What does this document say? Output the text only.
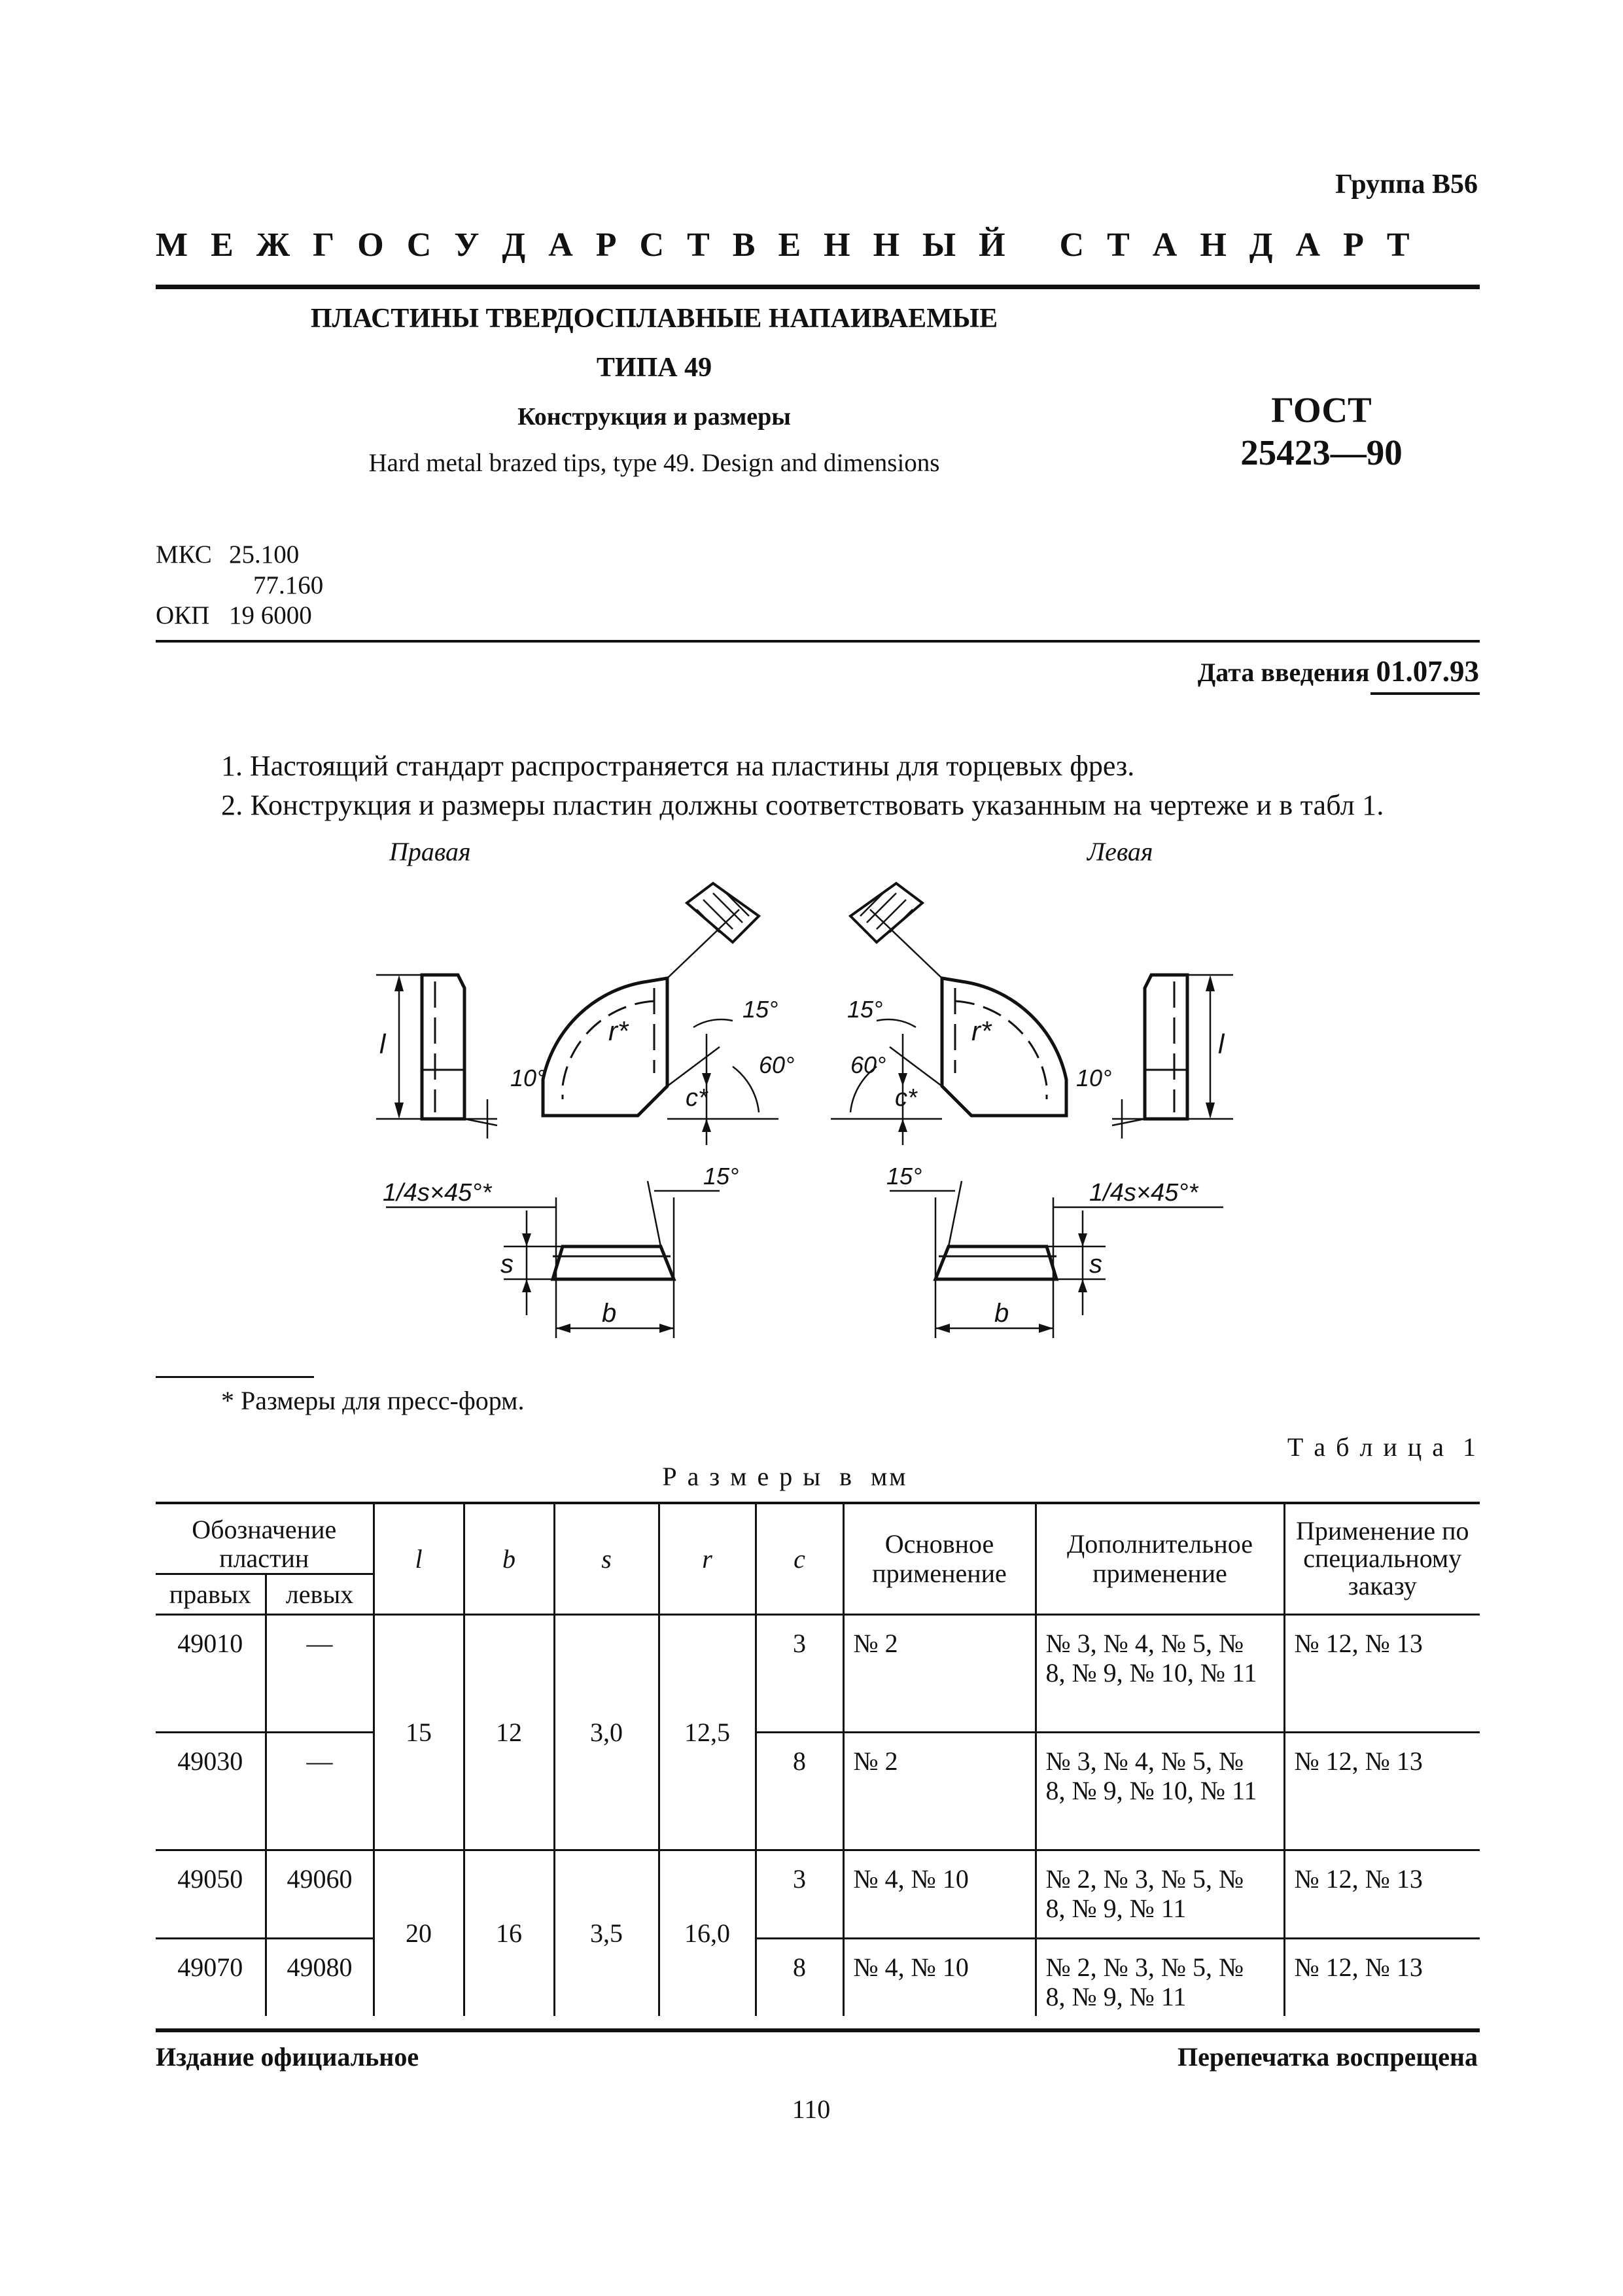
Группа В56
М Е Ж Г О С У Д А Р С Т В Е Н Н Ы Й   С Т А Н Д А Р Т
ПЛАСТИНЫ ТВЕРДОСПЛАВНЫЕ НАПАИВАЕМЫЕ
ТИПА 49
Конструкция и размеры
Hard metal brazed tips, type 49. Design and dimensions
ГОСТ
25423—90
МКС 25.100
77.160
ОКП 19 6000
Дата введения 01.07.93
1. Настоящий стандарт распространяется на пластины для торцевых фрез.
2. Конструкция и размеры пластин должны соответствовать указанным на чертеже и в табл 1.
Правая	Левая
l
10°
r*
c*
15°
60°
1/4s×45°*
15°
s
b
l
10°
r*
c*
15°
60°
1/4s×45°*
15°
s
b
* Размеры для пресс-форм.
Т а б л и ц а  1
Р а з м е р ы  в  мм
Обозначение пластин		l	b	s	r	c	Основное применение	Дополнительное применение	Применение по специальному заказу
правых	левых								
49010	—	15	12	3,0	12,5	3	№ 2	№ 3, № 4, № 5, № 8, № 9, № 10, № 11	№ 12, № 13
49030	—					8	№ 2	№ 3, № 4, № 5, № 8, № 9, № 10, № 11	№ 12, № 13
49050	49060	20	16	3,5	16,0	3	№ 4, № 10	№ 2, № 3, № 5, № 8, № 9, № 11	№ 12, № 13
49070	49080					8	№ 4, № 10	№ 2, № 3, № 5, № 8, № 9, № 11	№ 12, № 13
Издание официальное	Перепечатка воспрещена
110
